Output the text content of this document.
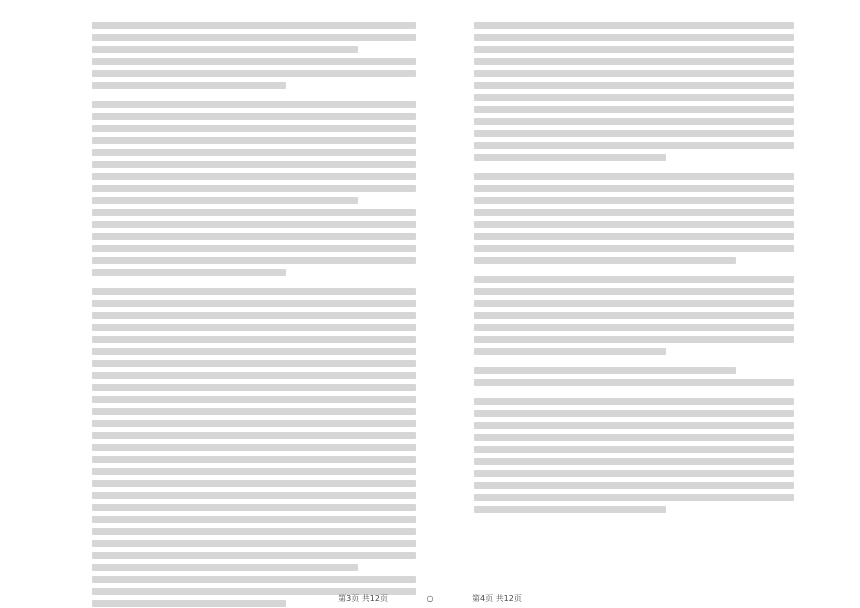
第3页 共12页	○	第4页 共12页
